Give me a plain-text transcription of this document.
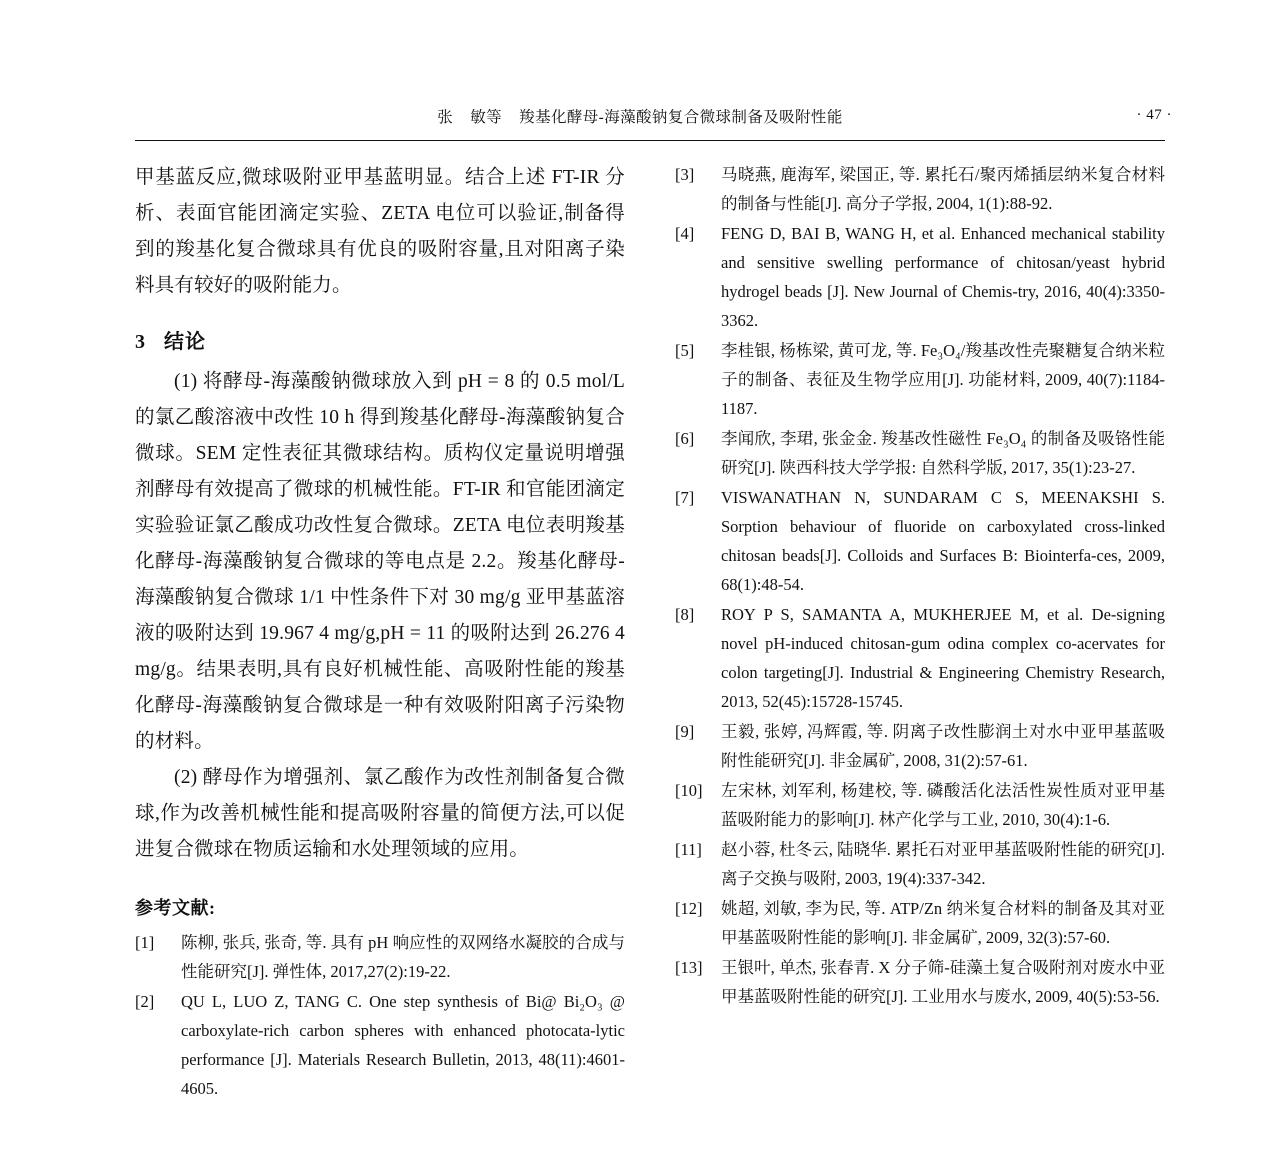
张    敏等 羧基化酵母-海藻酸钠复合微球制备及吸附性能	· 47 ·

甲基蓝反应,微球吸附亚甲基蓝明显。结合上述 FT-IR 分析、表面官能团滴定实验、ZETA 电位可以验证,制备得到的羧基化复合微球具有优良的吸附容量,且对阳离子染料具有较好的吸附能力。

3 结论

(1) 将酵母-海藻酸钠微球放入到 pH = 8 的 0.5 mol/L的氯乙酸溶液中改性 10 h 得到羧基化酵母-海藻酸钠复合微球。SEM 定性表征其微球结构。质构仪定量说明增强剂酵母有效提高了微球的机械性能。FT-IR 和官能团滴定实验验证氯乙酸成功改性复合微球。ZETA 电位表明羧基化酵母-海藻酸钠复合微球的等电点是 2.2。羧基化酵母-海藻酸钠复合微球 1/1 中性条件下对 30 mg/g 亚甲基蓝溶液的吸附达到 19.967 4 mg/g,pH = 11 的吸附达到 26.276 4 mg/g。结果表明,具有良好机械性能、高吸附性能的羧基化酵母-海藻酸钠复合微球是一种有效吸附阳离子污染物的材料。

(2) 酵母作为增强剂、氯乙酸作为改性剂制备复合微球,作为改善机械性能和提高吸附容量的简便方法,可以促进复合微球在物质运输和水处理领域的应用。

参考文献:
[1]	陈柳, 张兵, 张奇, 等. 具有 pH 响应性的双网络水凝胶的合成与性能研究[J]. 弹性体, 2017,27(2):19-22.
[2]	QU L, LUO Z, TANG C. One step synthesis of Bi@ Bi₂O₃ @ carboxylate-rich carbon spheres with enhanced photocata-lytic performance [J]. Materials Research Bulletin, 2013, 48(11):4601-4605.
[3]	马晓燕, 鹿海军, 梁国正, 等. 累托石/聚丙烯插层纳米复合材料的制备与性能[J]. 高分子学报, 2004, 1(1):88-92.
[4]	FENG D, BAI B, WANG H, et al. Enhanced mechanical stability and sensitive swelling performance of chitosan/yeast hybrid hydrogel beads [J]. New Journal of Chemis-try, 2016, 40(4):3350-3362.
[5]	李桂银, 杨栋梁, 黄可龙, 等. Fe₃O₄/羧基改性壳聚糖复合纳米粒子的制备、表征及生物学应用[J]. 功能材料, 2009, 40(7):1184-1187.
[6]	李闻欣, 李珺, 张金金. 羧基改性磁性 Fe₃O₄ 的制备及吸铬性能研究[J]. 陕西科技大学学报: 自然科学版, 2017, 35(1):23-27.
[7]	VISWANATHAN N, SUNDARAM C S, MEENAKSHI S. Sorption behaviour of fluoride on carboxylated cross-linked chitosan beads[J]. Colloids and Surfaces B: Biointerfa-ces, 2009, 68(1):48-54.
[8]	ROY P S, SAMANTA A, MUKHERJEE M, et al. De-signing novel pH-induced chitosan-gum odina complex co-acervates for colon targeting[J]. Industrial & Engineering Chemistry Research, 2013, 52(45):15728-15745.
[9]	王毅, 张婷, 冯辉霞, 等. 阴离子改性膨润土对水中亚甲基蓝吸附性能研究[J]. 非金属矿, 2008, 31(2):57-61.
[10]	左宋林, 刘军利, 杨建校, 等. 磷酸活化法活性炭性质对亚甲基蓝吸附能力的影响[J]. 林产化学与工业, 2010, 30(4):1-6.
[11]	赵小蓉, 杜冬云, 陆晓华. 累托石对亚甲基蓝吸附性能的研究[J]. 离子交换与吸附, 2003, 19(4):337-342.
[12]	姚超, 刘敏, 李为民, 等. ATP/Zn 纳米复合材料的制备及其对亚甲基蓝吸附性能的影响[J]. 非金属矿, 2009, 32(3):57-60.
[13]	王银叶, 单杰, 张春青. X 分子筛-硅藻土复合吸附剂对废水中亚甲基蓝吸附性能的研究[J]. 工业用水与废水, 2009, 40(5):53-56.
